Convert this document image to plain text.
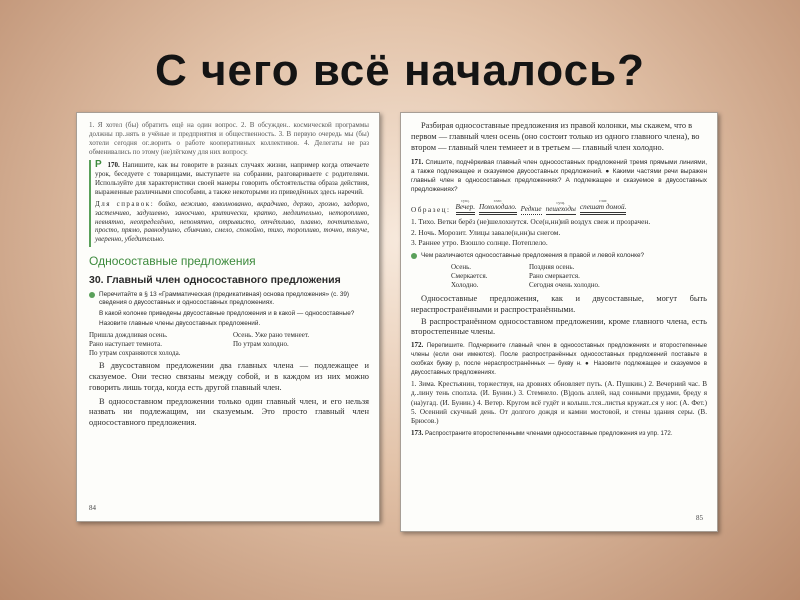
С чего всё началось?
1. Я хотел (бы) обратить ещё на один вопрос. 2. В обсужден.. космической программы должны пр..нять в учёные и предприятия и общественность. 3. В первую очередь мы (бы) хотели сегодня ог..ворить о работе кооперативных коллективов. 4. Делегаты не раз обменивались по этому (не)лёгкому для них вопросу.
Р 170. Напишите, как вы говорите в разных случаях жизни, например когда отвечаете урок, беседуете с товарищами, выступаете на собрании, разговариваете с родителями. Используйте для характеристики своей манеры говорить обстоятельства образа действия, выраженные различными способами, а также некоторыми из приведённых здесь наречий.
Для справок: бойко, вежливо, взволнованно, вкрадчиво, дерзко, грозно, задорно, застенчиво, задушевно, заносчиво, критически, кратко, медлительно, неторопливо, невнятно, неопределённо, непонятно, отрывисто, отчётливо, плавно, почтительно, просто, прямо, равнодушно, сбивчиво, смело, спокойно, тихо, торопливо, точно, тягуче, уверенно, убедительно.
Односоставные предложения
30. Главный член односоставного предложения
Перечитайте в § 13 «Грамматическая (предикативная) основа предложения» (с. 39) сведения о двусоставных и односоставных предложениях.
В какой колонке приведены двусоставные предложения и в какой — односоставные?
Назовите главные члены двусоставных предложений.
Пришла дождливая осень.
Рано наступает темнота.
По утрам сохраняются холода.
Осень. Уже рано темнеет.
По утрам холодно.
В двусоставном предложении два главных члена — подлежащее и сказуемое. Они тесно связаны между собой, и в каждом из них можно говорить лишь тогда, когда есть другой главный член.
В односоставном предложении только один главный член, и его нельзя назвать ни подлежащим, ни сказуемым. Это просто главный член односоставного предложения.
84
Разбирая односоставные предложения из правой колонки, мы скажем, что в первом — главный член осень (оно состоит только из одного главного члена), во втором — главный член темнеет и в третьем — главный член холодно.
171. Спишите, подчёркивая главный член односоставных предложений тремя прямыми линиями, а также подлежащее и сказуемое двусоставных предложений. ● Какими частями речи выражен главный член в односоставных предложениях? А подлежащее и сказуемое в двусоставных предложениях?
Образец:
сущ.
Вечер.
глаг.
Похолодало. Редкие
сущ.
пешеходы
глаг.
спешат домой.
1. Тихо. Ветки берёз (не)шелохнутся. Осе(н,нн)ий воздух свеж и прозрачен.
2. Ночь. Морозит. Улицы завале(н,нн)ы снегом.
3. Раннее утро. Взошло солнце. Потеплело.
Чем различаются односоставные предложения в правой и левой колонке?
Осень.	Поздняя осень.
Смеркается.	Рано смеркается.
Холодно.	Сегодня очень холодно.
Односоставные предложения, как и двусоставные, могут быть нераспространёнными и распространёнными.
В распространённом односоставном предложении, кроме главного члена, есть второстепенные члены.
172. Перепишите. Подчеркните главный член в односоставных предложениях и второстепенные члены (если они имеются). После распространённых односоставных предложений поставьте в скобках букву р, после нераспространённых — букву н. ● Назовите подлежащее и сказуемое в двусоставных предложениях.
1. Зима. Крестьянин, торжествуя, на дровнях обновляет путь. (А. Пушкин.) 2. Вечерний час. В д..лину тень сползла. (И. Бунин.) 3. Стемнело. (В)доль аллей, над сонными прудами, бреду я (на)угад. (И. Бунин.) 4. Ветер. Кругом всё гудёт и колыш..тся..листья кружат..ся у ног. (А. Фет.) 5. Осенний скучный день. От долгого дождя и камни мостовой, и стены здания серы. (В. Брюсов.)
173. Распространите второстепенными членами односоставные предложения из упр. 172.
85
